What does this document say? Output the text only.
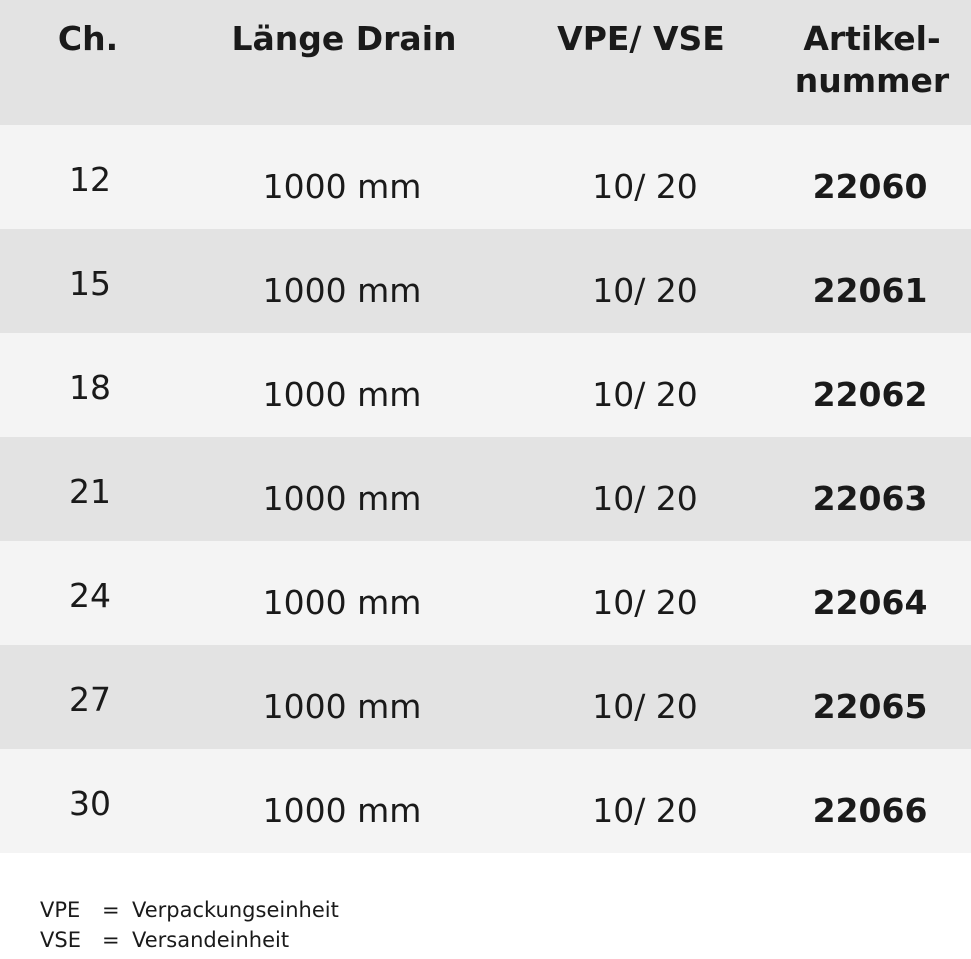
Ch.	Länge Drain	VPE/ VSE	Artikel-
nummer
12	1000 mm	10/ 20	22060
15	1000 mm	10/ 20	22061
18	1000 mm	10/ 20	22062
21	1000 mm	10/ 20	22063
24	1000 mm	10/ 20	22064
27	1000 mm	10/ 20	22065
30	1000 mm	10/ 20	22066
VPE = Verpackungseinheit
VSE = Versandeinheit
